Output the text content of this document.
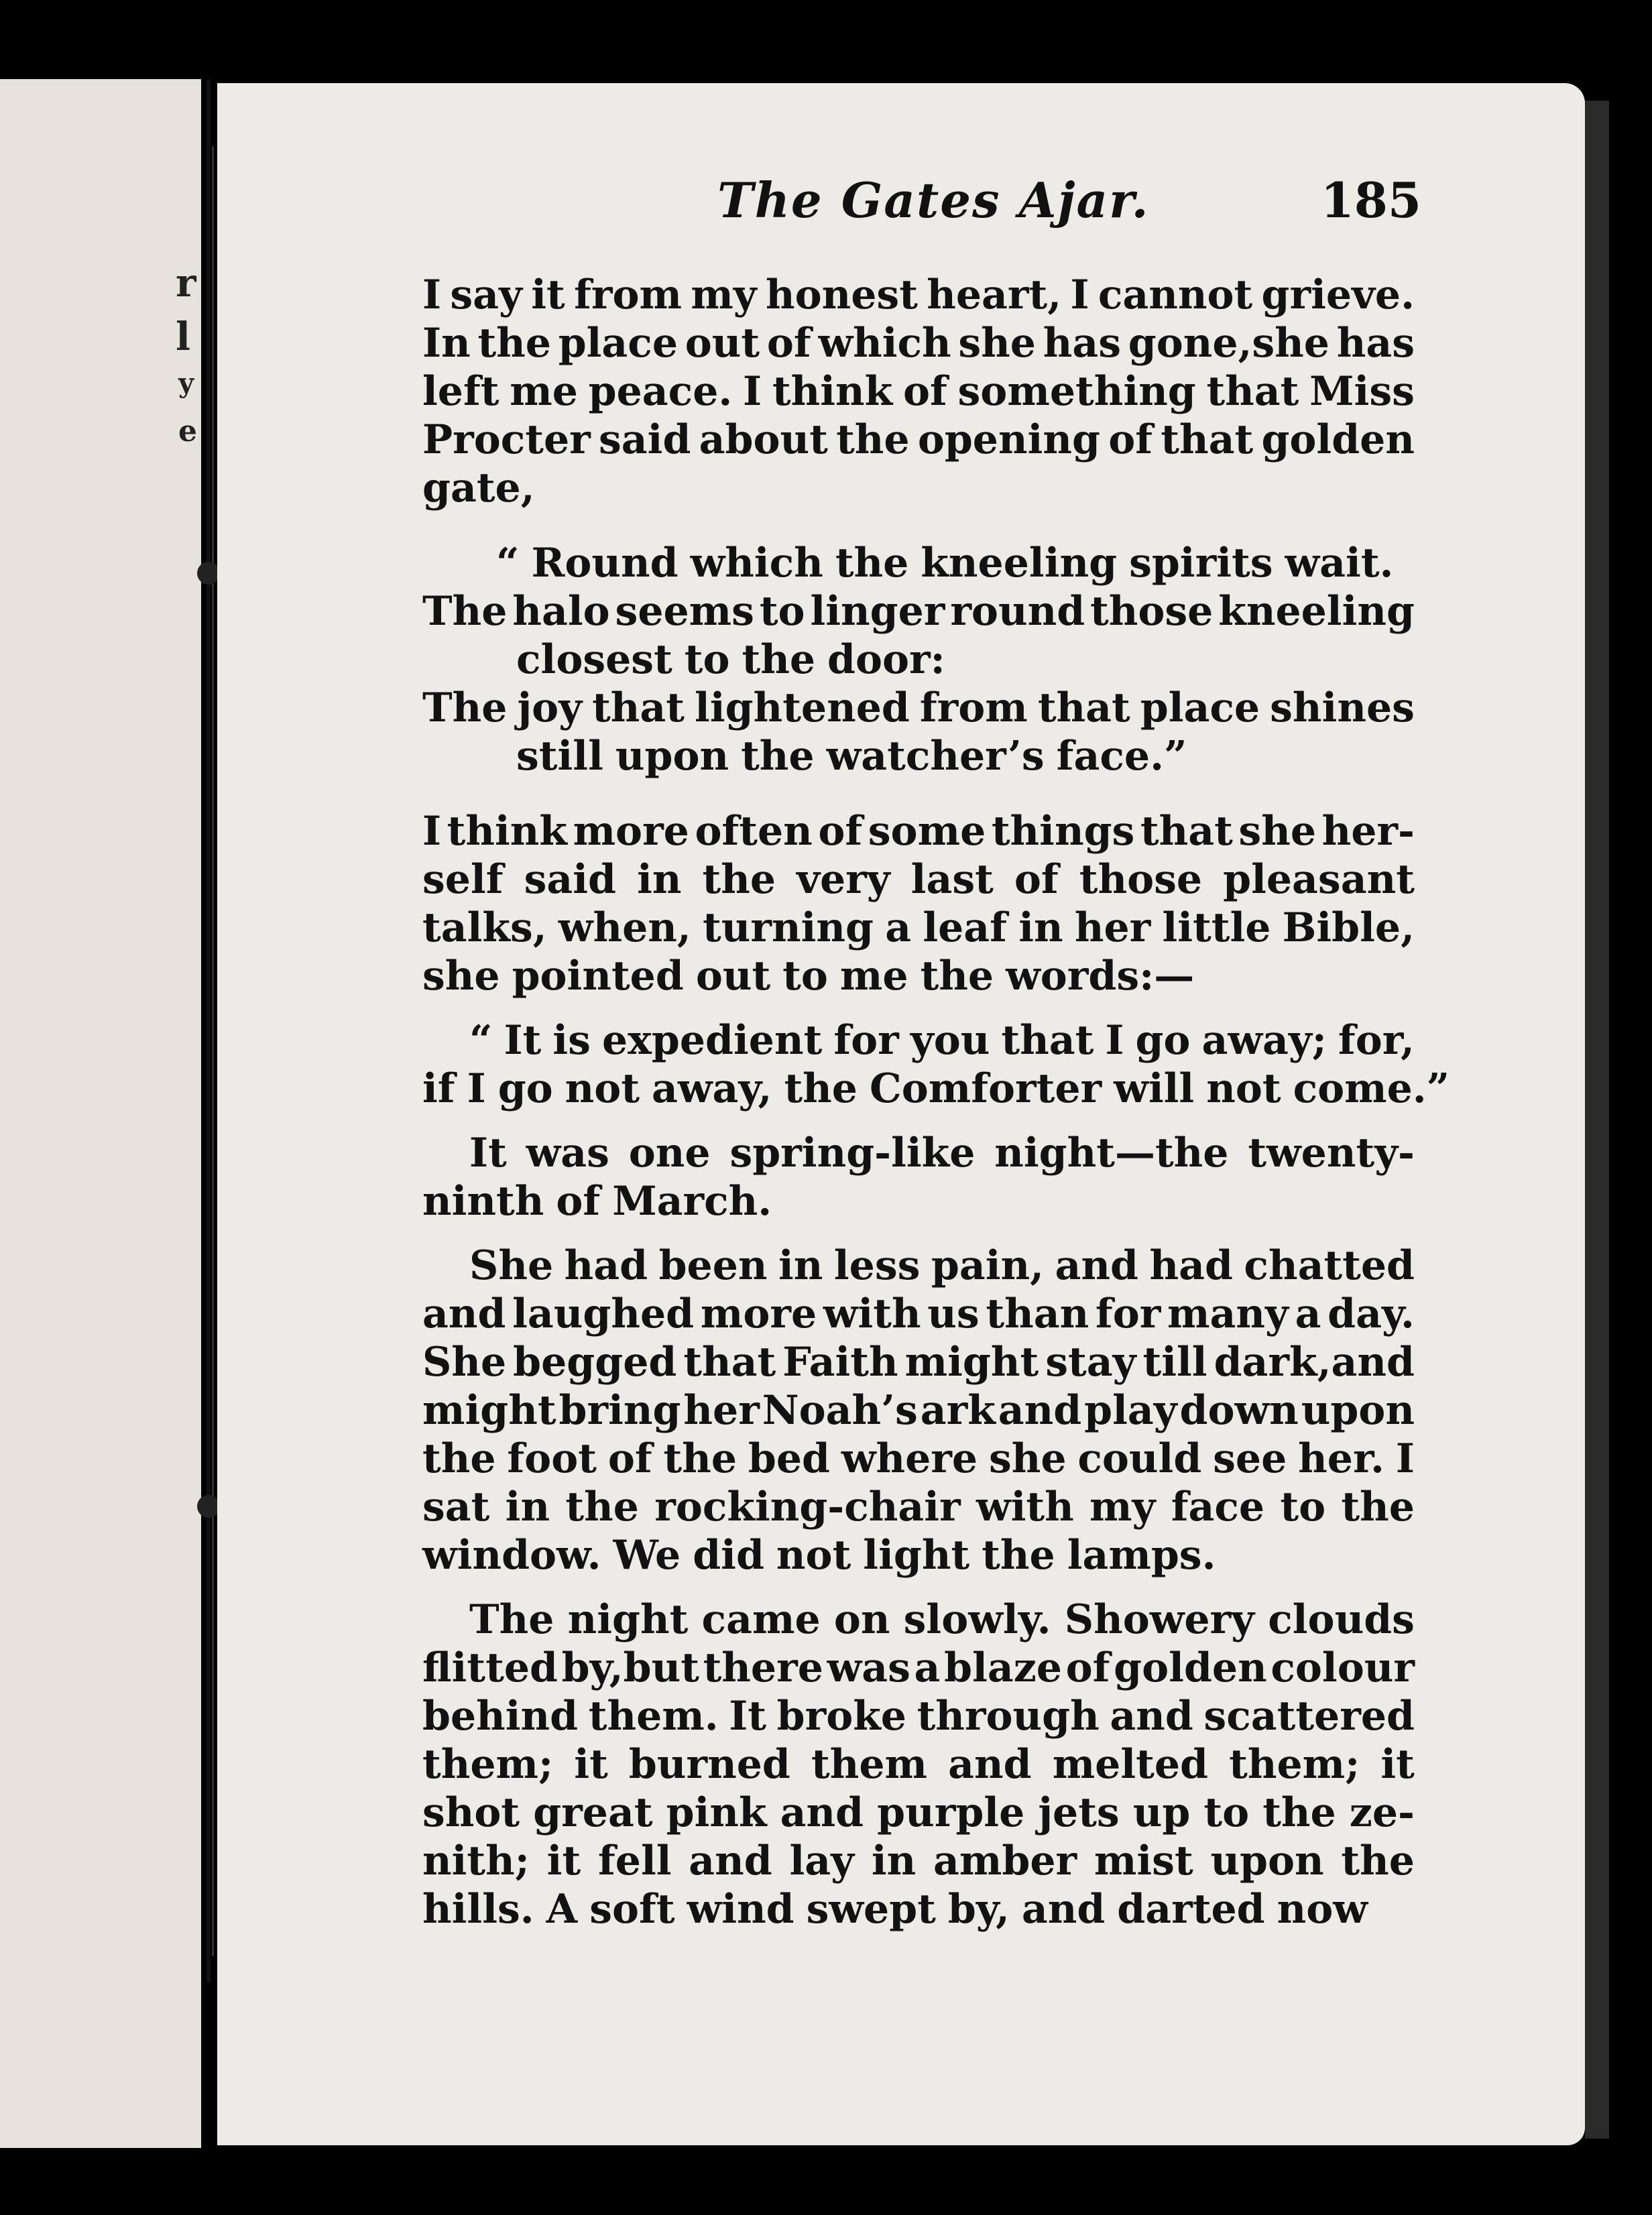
r
l
y
e
The Gates Ajar.	185
I say it from my honest heart, I cannot grieve.
In the place out of which she has gone,she has
left me peace. I think of something that Miss
Procter said about the opening of that golden
gate,
“ Round which the kneeling spirits wait.
The halo seems to linger round those kneeling
closest to the door:
The joy that lightened from that place shines
still upon the watcher’s face.”
I think more often of some things that she her-
self said in the very last of those pleasant
talks, when, turning a leaf in her little Bible,
she pointed out to me the words:—
“ It is expedient for you that I go away; for,
if I go not away, the Comforter will not come.”
It was one spring-like night—the twenty-
ninth of March.
She had been in less pain, and had chatted
and laughed more with us than for many a day.
She begged that Faith might stay till dark,and
might bring her Noah’s ark and play down upon
the foot of the bed where she could see her. I
sat in the rocking-chair with my face to the
window. We did not light the lamps.
The night came on slowly. Showery clouds
flitted by,but there was a blaze of golden colour
behind them. It broke through and scattered
them; it burned them and melted them; it
shot great pink and purple jets up to the ze-
nith; it fell and lay in amber mist upon the
hills. A soft wind swept by, and darted now
